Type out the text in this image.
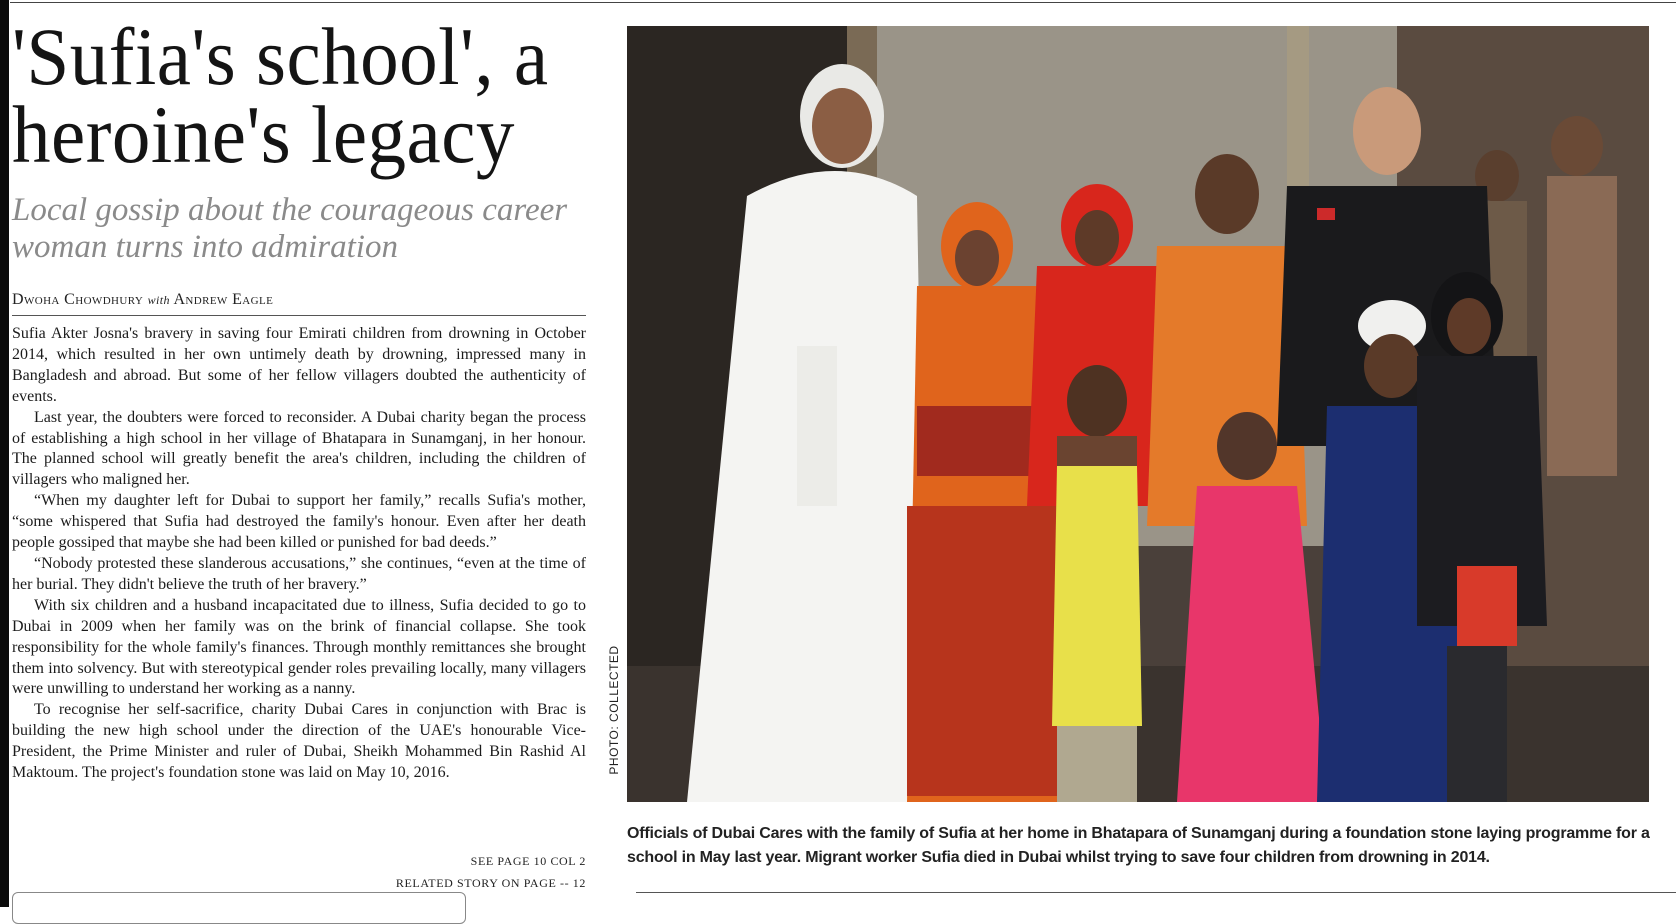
'Sufia's school', a heroine's legacy
Local gossip about the courageous career woman turns into admiration
Dwoha Chowdhury with Andrew Eagle

Sufia Akter Josna's bravery in saving four Emirati children from drowning in October 2014, which resulted in her own untimely death by drowning, impressed many in Bangladesh and abroad. But some of her fellow villagers doubted the authenticity of events.

Last year, the doubters were forced to reconsider. A Dubai charity began the process of establishing a high school in her village of Bhatapara in Sunamganj, in her honour. The planned school will greatly benefit the area's children, including the children of villagers who maligned her.

“When my daughter left for Dubai to support her family,” recalls Sufia's mother, “some whispered that Sufia had destroyed the family's honour. Even after her death people gossiped that maybe she had been killed or punished for bad deeds.”

“Nobody protested these slanderous accusations,” she continues, “even at the time of her burial. They didn't believe the truth of her bravery.”

With six children and a husband incapacitated due to illness, Sufia decided to go to Dubai in 2009 when her family was on the brink of financial collapse. She took responsibility for the whole family's finances. Through monthly remittances she brought them into solvency. But with stereotypical gender roles prevailing locally, many villagers were unwilling to understand her working as a nanny.

To recognise her self-sacrifice, charity Dubai Cares in conjunction with Brac is building the new high school under the direction of the UAE's honourable Vice-President, the Prime Minister and ruler of Dubai, Sheikh Mohammed Bin Rashid Al Maktoum. The project's foundation stone was laid on May 10, 2016.

SEE PAGE 10 COL 2
RELATED STORY ON PAGE -- 12
PHOTO: COLLECTED

Officials of Dubai Cares with the family of Sufia at her home in Bhatapara of Sunamganj during a foundation stone laying programme for a school in May last year. Migrant worker Sufia died in Dubai whilst trying to save four children from drowning in 2014.
